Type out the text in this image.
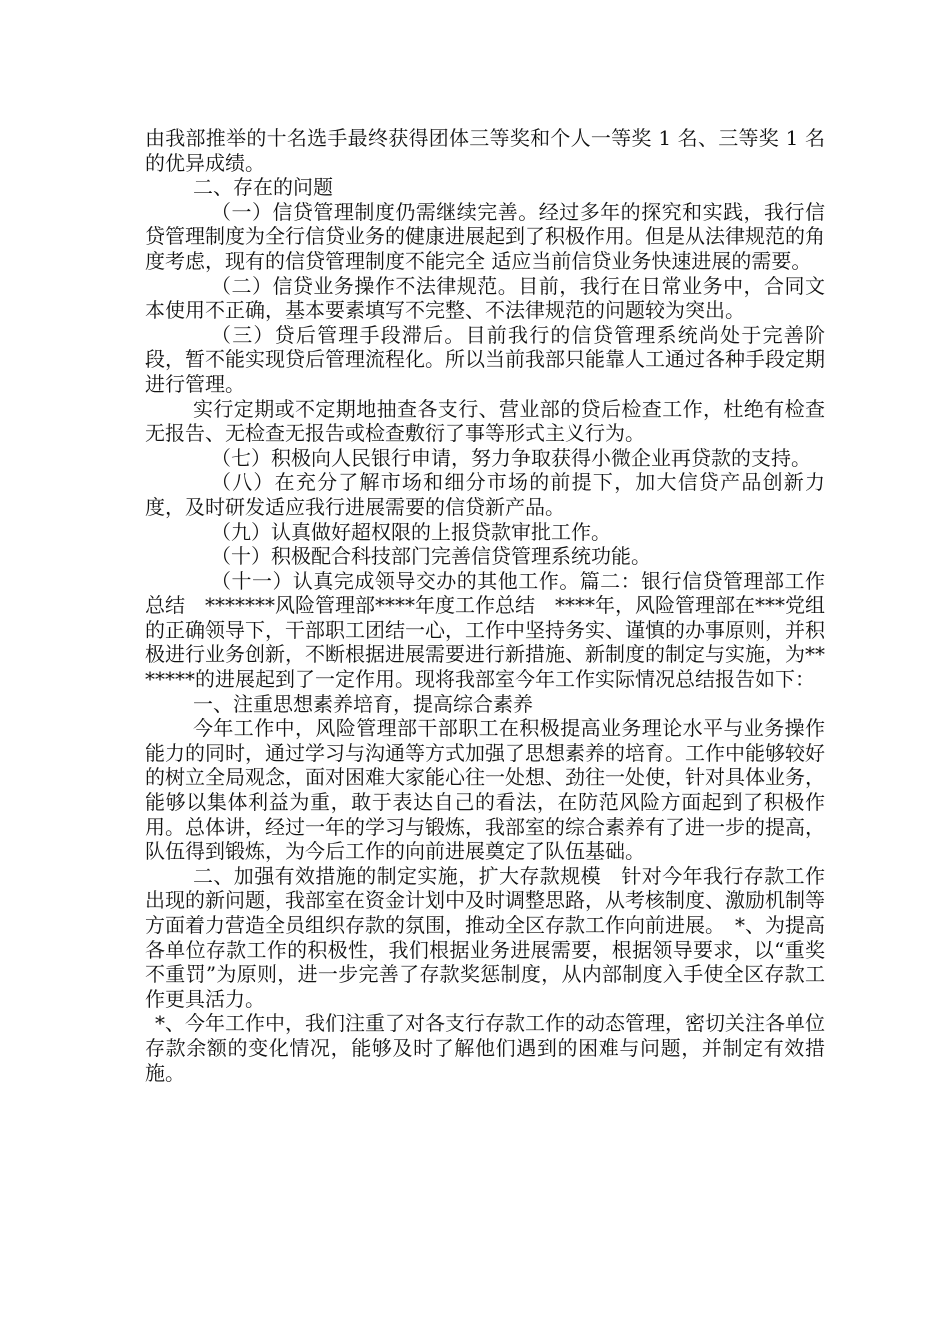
由我部推举的十名选手最终获得团体三等奖和个人一等奖 1 名、三等奖 1 名的优异成绩。

二、存在的问题

（一）信贷管理制度仍需继续完善。经过多年的探究和实践，我行信贷管理制度为全行信贷业务的健康进展起到了积极作用。但是从法律规范的角度考虑，现有的信贷管理制度不能完全 适应当前信贷业务快速进展的需要。

（二）信贷业务操作不法律规范。目前，我行在日常业务中，合同文本使用不正确，基本要素填写不完整、不法律规范的问题较为突出。

（三）贷后管理手段滞后。目前我行的信贷管理系统尚处于完善阶段，暂不能实现贷后管理流程化。所以当前我部只能靠人工通过各种手段定期进行管理。

实行定期或不定期地抽查各支行、营业部的贷后检查工作，杜绝有检查无报告、无检查无报告或检查敷衍了事等形式主义行为。

（七）积极向人民银行申请，努力争取获得小微企业再贷款的支持。

（八）在充分了解市场和细分市场的前提下，加大信贷产品创新力度，及时研发适应我行进展需要的信贷新产品。

（九）认真做好超权限的上报贷款审批工作。

（十）积极配合科技部门完善信贷管理系统功能。

（十一）认真完成领导交办的其他工作。篇二：银行信贷管理部工作总结　*******风险管理部****年度工作总结　****年，风险管理部在***党组的正确领导下，干部职工团结一心，工作中坚持务实、谨慎的办事原则，并积极进行业务创新，不断根据进展需要进行新措施、新制度的制定与实施，为*******的进展起到了一定作用。现将我部室今年工作实际情况总结报告如下：

一、注重思想素养培育，提高综合素养

今年工作中，风险管理部干部职工在积极提高业务理论水平与业务操作能力的同时，通过学习与沟通等方式加强了思想素养的培育。工作中能够较好的树立全局观念，面对困难大家能心往一处想、劲往一处使，针对具体业务，能够以集体利益为重，敢于表达自己的看法，在防范风险方面起到了积极作用。总体讲，经过一年的学习与锻炼，我部室的综合素养有了进一步的提高，队伍得到锻炼，为今后工作的向前进展奠定了队伍基础。

二、加强有效措施的制定实施，扩大存款规模　针对今年我行存款工作出现的新问题，我部室在资金计划中及时调整思路，从考核制度、激励机制等方面着力营造全员组织存款的氛围，推动全区存款工作向前进展。　*、为提高各单位存款工作的积极性，我们根据业务进展需要，根据领导要求，以“重奖不重罚”为原则，进一步完善了存款奖惩制度，从内部制度入手使全区存款工作更具活力。

*、今年工作中，我们注重了对各支行存款工作的动态管理，密切关注各单位存款余额的变化情况，能够及时了解他们遇到的困难与问题，并制定有效措施。
